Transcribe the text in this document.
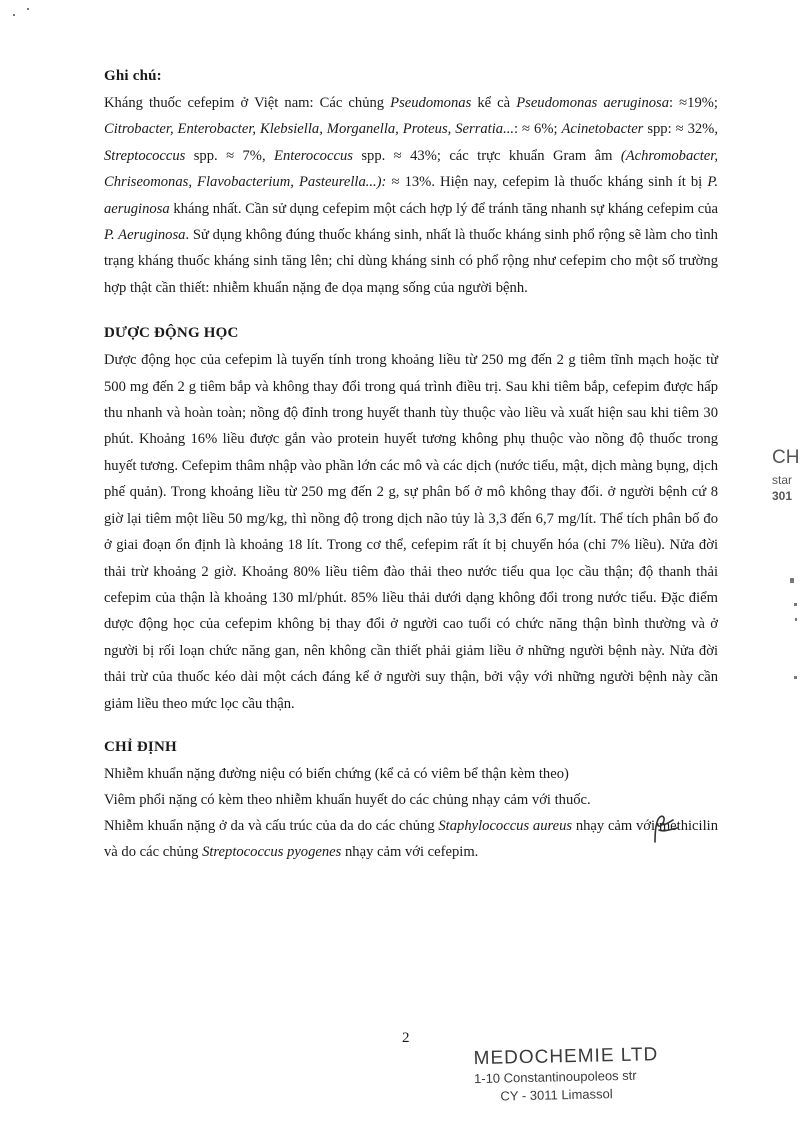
Ghi chú:

Kháng thuốc cefepim ở Việt nam: Các chủng Pseudomonas kể cà Pseudomonas aeruginosa: ≈19%; Citrobacter, Enterobacter, Klebsiella, Morganella, Proteus, Serratia...: ≈ 6%; Acinetobacter spp: ≈ 32%, Streptococcus spp. ≈ 7%, Enterococcus spp. ≈ 43%; các trực khuẩn Gram âm (Achromobacter, Chriseomonas, Flavobacterium, Pasteurella...): ≈ 13%. Hiện nay, cefepim là thuốc kháng sinh ít bị P. aeruginosa kháng nhất. Cần sử dụng cefepim một cách hợp lý để tránh tăng nhanh sự kháng cefepim của P. Aeruginosa. Sử dụng không đúng thuốc kháng sinh, nhất là thuốc kháng sinh phổ rộng sẽ làm cho tình trạng kháng thuốc kháng sinh tăng lên; chỉ dùng kháng sinh có phổ rộng như cefepim cho một số trường hợp thật cần thiết: nhiễm khuẩn nặng đe dọa mạng sống của người bệnh.

DƯỢC ĐỘNG HỌC

Dược động học của cefepim là tuyến tính trong khoảng liều từ 250 mg đến 2 g tiêm tĩnh mạch hoặc từ 500 mg đến 2 g tiêm bắp và không thay đổi trong quá trình điều trị. Sau khi tiêm bắp, cefepim được hấp thu nhanh và hoàn toàn; nồng độ đỉnh trong huyết thanh tùy thuộc vào liều và xuất hiện sau khi tiêm 30 phút. Khoảng 16% liều được gắn vào protein huyết tương không phụ thuộc vào nồng độ thuốc trong huyết tương. Cefepim thâm nhập vào phần lớn các mô và các dịch (nước tiểu, mật, dịch màng bụng, dịch phế quản). Trong khoảng liều từ 250 mg đến 2 g, sự phân bố ở mô không thay đổi. ở người bệnh cứ 8 giờ lại tiêm một liều 50 mg/kg, thì nồng độ trong dịch não tủy là 3,3 đến 6,7 mg/lít. Thể tích phân bố đo ở giai đoạn ổn định là khoảng 18 lít. Trong cơ thể, cefepim rất ít bị chuyển hóa (chỉ 7% liều). Nửa đời thải trừ khoảng 2 giờ. Khoảng 80% liều tiêm đào thải theo nước tiểu qua lọc cầu thận; độ thanh thải cefepim của thận là khoảng 130 ml/phút. 85% liều thải dưới dạng không đổi trong nước tiểu. Đặc điểm dược động học của cefepim không bị thay đổi ở người cao tuổi có chức năng thận bình thường và ở người bị rối loạn chức năng gan, nên không cần thiết phải giảm liều ở những người bệnh này. Nửa đời thải trừ của thuốc kéo dài một cách đáng kể ở người suy thận, bởi vậy với những người bệnh này cần giảm liều theo mức lọc cầu thận.

CHỈ ĐỊNH
Nhiễm khuẩn nặng đường niệu có biến chứng (kể cả có viêm bể thận kèm theo)
Viêm phổi nặng có kèm theo nhiễm khuẩn huyết do các chủng nhạy cảm với thuốc.

Nhiễm khuẩn nặng ở da và cấu trúc của da do các chủng Staphylococcus aureus nhạy cảm với methicilin và do các chủng Streptococcus pyogenes nhạy cảm với cefepim.

CH
star
301
2
MEDOCHEMIE LTD
1-10 Constantinoupoleos str
CY - 3011 Limassol
